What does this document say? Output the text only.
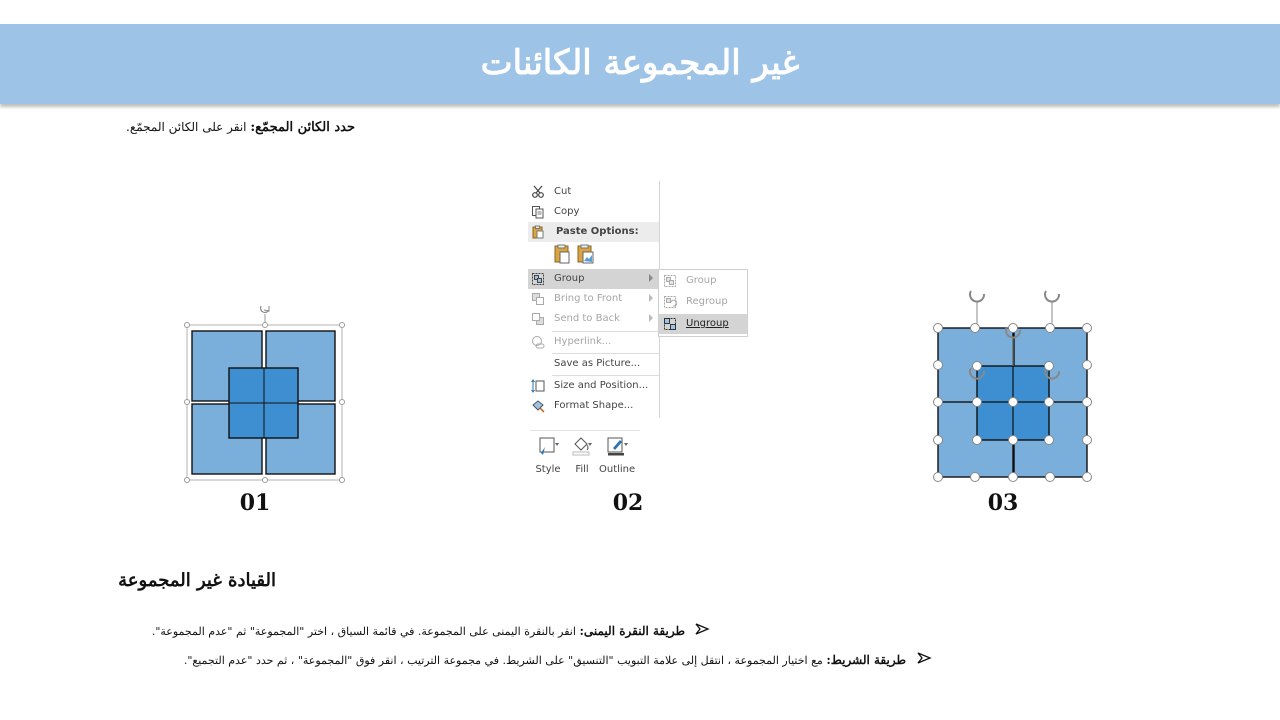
غير المجموعة الكائنات
حدد الكائن المجمّع: انقر على الكائن المجمّع.
01
Cut
Copy
Paste Options:
Group
Bring to Front
Send to Back
Hyperlink...
Save as Picture...
Size and Position...
Format Shape...
Group
Regroup
Ungroup
Style	Fill	Outline
02	03
القيادة غير المجموعة
طريقة النقرة اليمنى: انقر بالنقرة اليمنى على المجموعة. في قائمة السياق ، اختر "المجموعة" ثم "عدم المجموعة".
طريقة الشريط: مع اختيار المجموعة ، انتقل إلى علامة التبويب "التنسيق" على الشريط. في مجموعة الترتيب ، انقر فوق "المجموعة" ، ثم حدد "عدم التجميع".
